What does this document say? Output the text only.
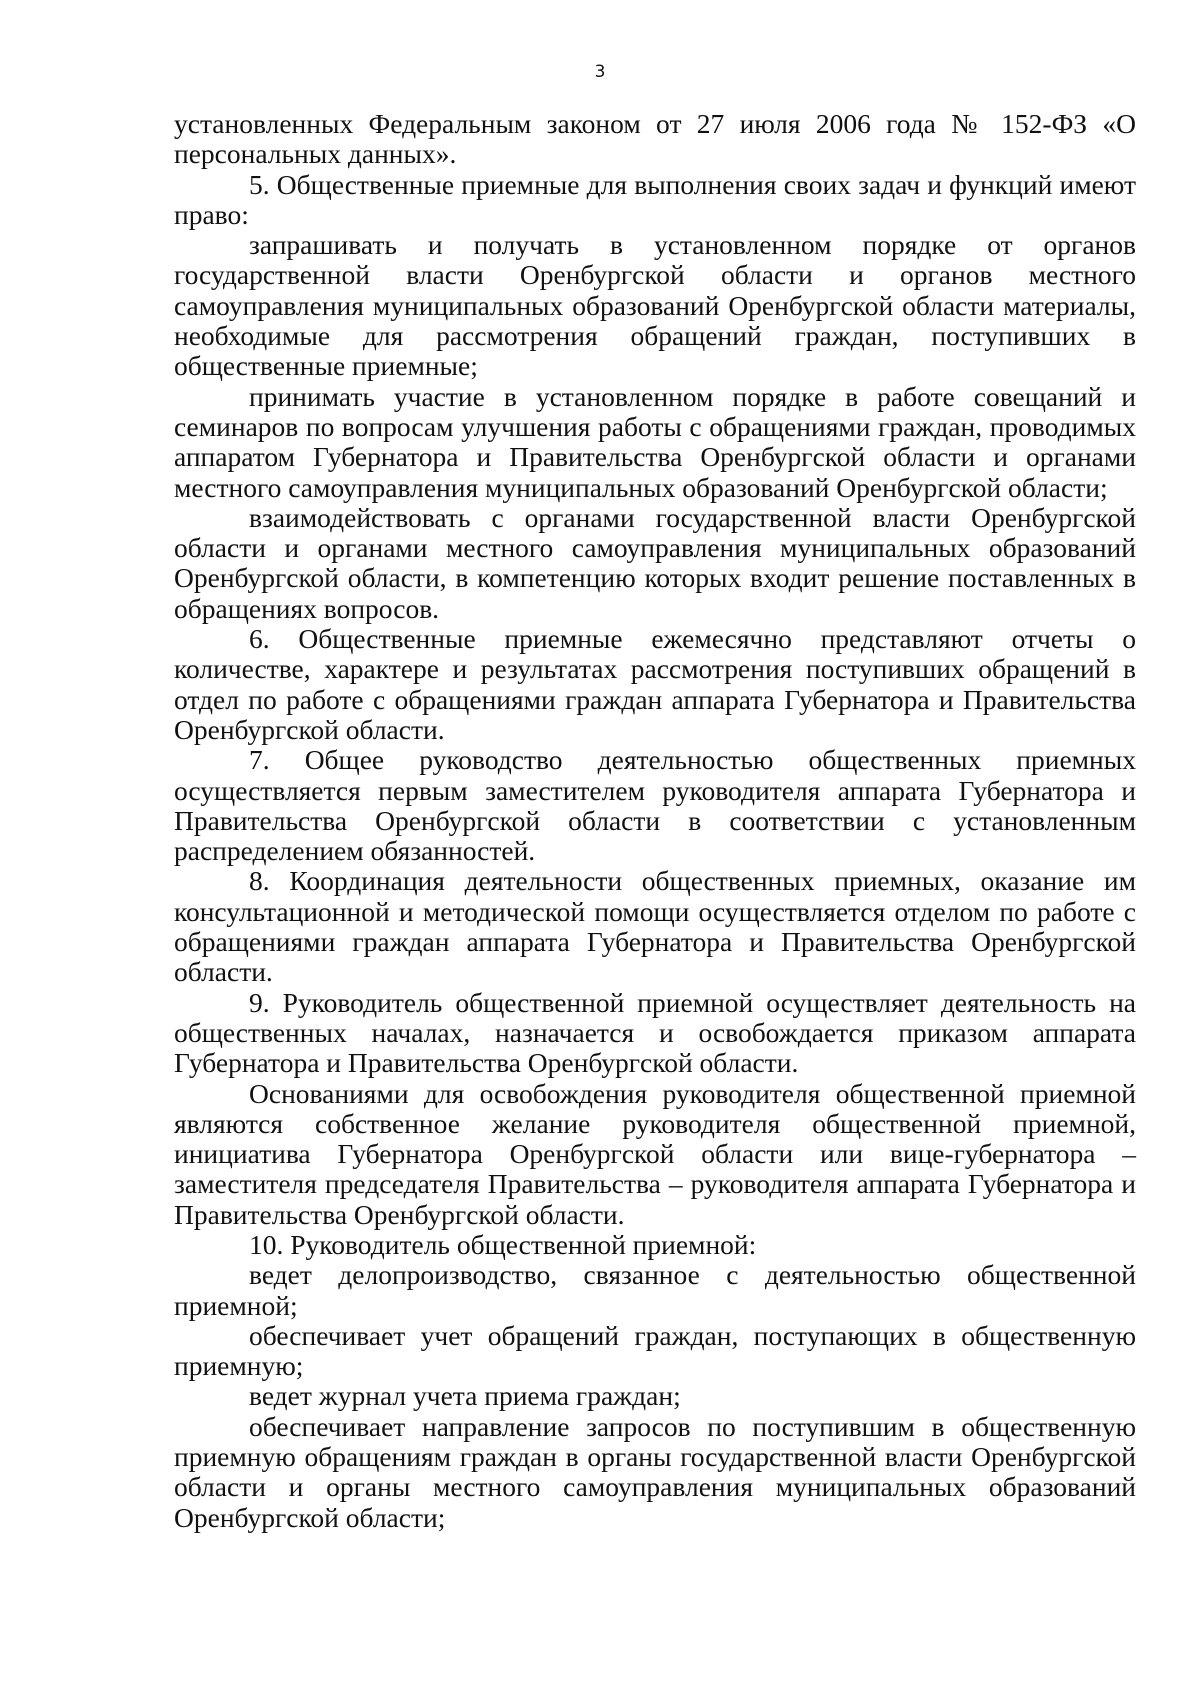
3

установленных Федеральным законом от 27 июля 2006 года № 152-ФЗ «О персональных данных».

5. Общественные приемные для выполнения своих задач и функций имеют право:

запрашивать и получать в установленном порядке от органов государственной власти Оренбургской области и органов местного самоуправления муниципальных образований Оренбургской области материалы, необходимые для рассмотрения обращений граждан, поступивших в общественные приемные;

принимать участие в установленном порядке в работе совещаний и семинаров по вопросам улучшения работы с обращениями граждан, проводимых аппаратом Губернатора и Правительства Оренбургской области и органами местного самоуправления муниципальных образований Оренбургской области;

взаимодействовать с органами государственной власти Оренбургской области и органами местного самоуправления муниципальных образований Оренбургской области, в компетенцию которых входит решение поставленных в обращениях вопросов.

6. Общественные приемные ежемесячно представляют отчеты о количестве, характере и результатах рассмотрения поступивших обращений в отдел по работе с обращениями граждан аппарата Губернатора и Правительства Оренбургской области.

7. Общее руководство деятельностью общественных приемных осуществляется первым заместителем руководителя аппарата Губернатора и Правительства Оренбургской области в соответствии с установленным распределением обязанностей.

8. Координация деятельности общественных приемных, оказание им консультационной и методической помощи осуществляется отделом по работе с обращениями граждан аппарата Губернатора и Правительства Оренбургской области.

9. Руководитель общественной приемной осуществляет деятельность на общественных началах, назначается и освобождается приказом аппарата Губернатора и Правительства Оренбургской области.

Основаниями для освобождения руководителя общественной приемной являются собственное желание руководителя общественной приемной, инициатива Губернатора Оренбургской области или вице-губернатора – заместителя председателя Правительства – руководителя аппарата Губернатора и Правительства Оренбургской области.

10. Руководитель общественной приемной:

ведет делопроизводство, связанное с деятельностью общественной приемной;

обеспечивает учет обращений граждан, поступающих в общественную приемную;

ведет журнал учета приема граждан;

обеспечивает направление запросов по поступившим в общественную приемную обращениям граждан в органы государственной власти Оренбургской области и органы местного самоуправления муниципальных образований Оренбургской области;
